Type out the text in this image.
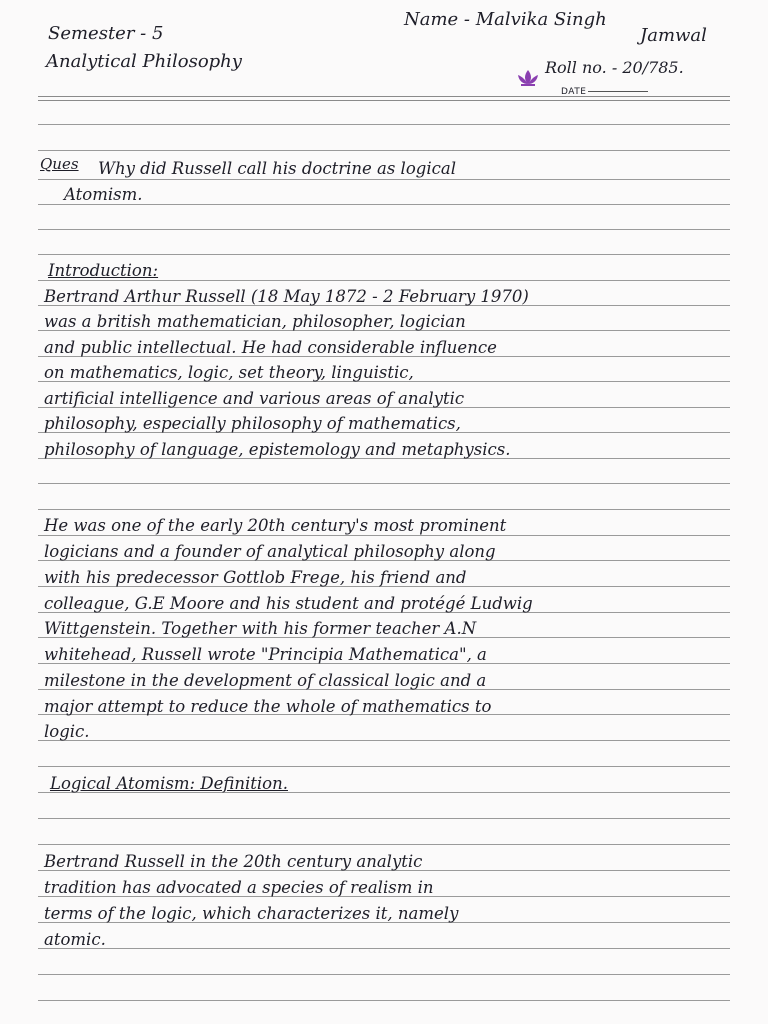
Semester - 5
Analytical Philosophy
Name - Malvika Singh
Jamwal
Roll no. - 20/785.
DATE
Ques Why did Russell call his doctrine as logical
Atomism.
Introduction:
Bertrand Arthur Russell (18 May 1872 - 2 February 1970)
was a british mathematician, philosopher, logician
and public intellectual. He had considerable influence
on mathematics, logic, set theory, linguistic,
artificial intelligence and various areas of analytic
philosophy, especially philosophy of mathematics,
philosophy of language, epistemology and metaphysics.
He was one of the early 20th century's most prominent
logicians and a founder of analytical philosophy along
with his predecessor Gottlob Frege, his friend and
colleague, G.E Moore and his student and protégé Ludwig
Wittgenstein. Together with his former teacher A.N
whitehead, Russell wrote "Principia Mathematica", a
milestone in the development of classical logic and a
major attempt to reduce the whole of mathematics to
logic.
Logical Atomism: Definition.
Bertrand Russell in the 20th century analytic
tradition has advocated a species of realism in
terms of the logic, which characterizes it, namely
atomic.
